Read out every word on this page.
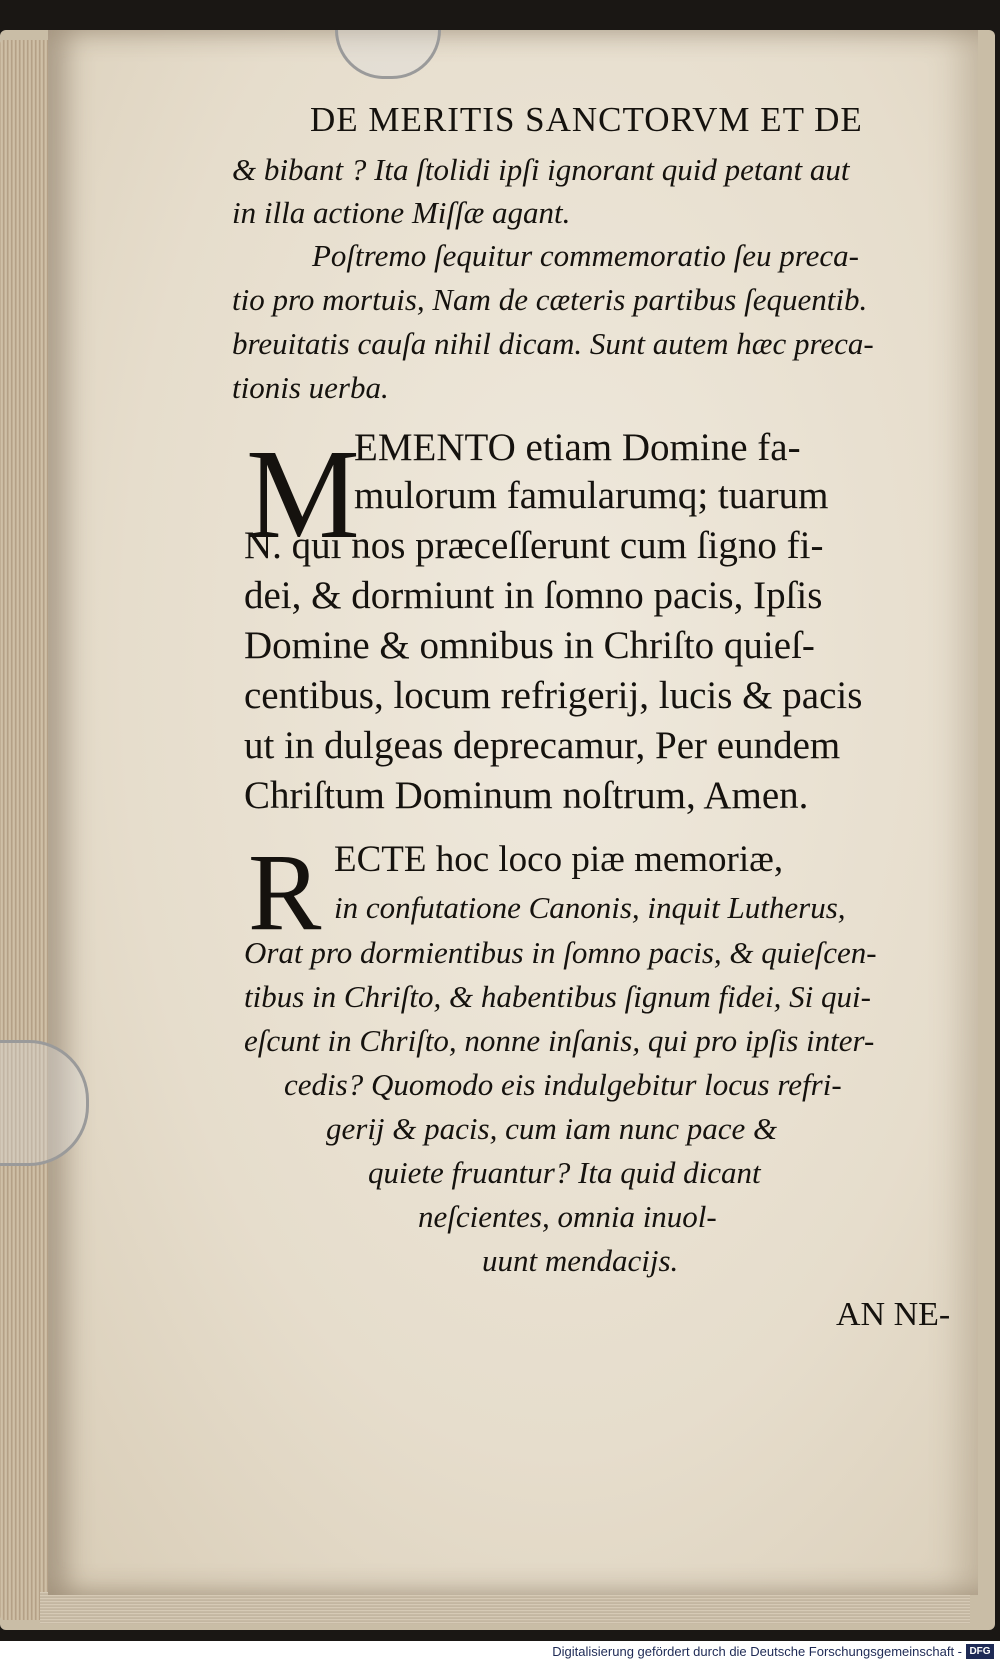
DE MERITIS SANCTORVM ET DE
& bibant ? Ita ſtolidi ipſi ignorant quid petant aut
in illa actione Miſſæ agant.
Poſtremo ſequitur commemoratio ſeu preca-
tio pro mortuis, Nam de cæteris partibus ſequentib.
breuitatis cauſa nihil dicam. Sunt autem hæc preca-
tionis uerba.
M
EMENTO etiam Domine fa-
mulorum famularumq; tuarum
N. qui nos præceſſerunt cum ſigno fi-
dei, & dormiunt in ſomno pacis, Ipſis
Domine & omnibus in Chriſto quieſ-
centibus, locum refrigerij, lucis & pacis
ut in dulgeas deprecamur, Per eundem
Chriſtum Dominum noſtrum, Amen.
R ECTE hoc loco piæ memoriæ,
in confutatione Canonis, inquit Lutherus,
Orat pro dormientibus in ſomno pacis, & quieſcen-
tibus in Chriſto, & habentibus ſignum fidei, Si qui-
eſcunt in Chriſto, nonne inſanis, qui pro ipſis inter-
cedis? Quomodo eis indulgebitur locus refri-
gerij & pacis, cum iam nunc pace &
quiete fruantur? Ita quid dicant
neſcientes, omnia inuol-
uunt mendacijs.
AN NE-
Digitalisierung gefördert durch die Deutsche Forschungsgemeinschaft - DFG
